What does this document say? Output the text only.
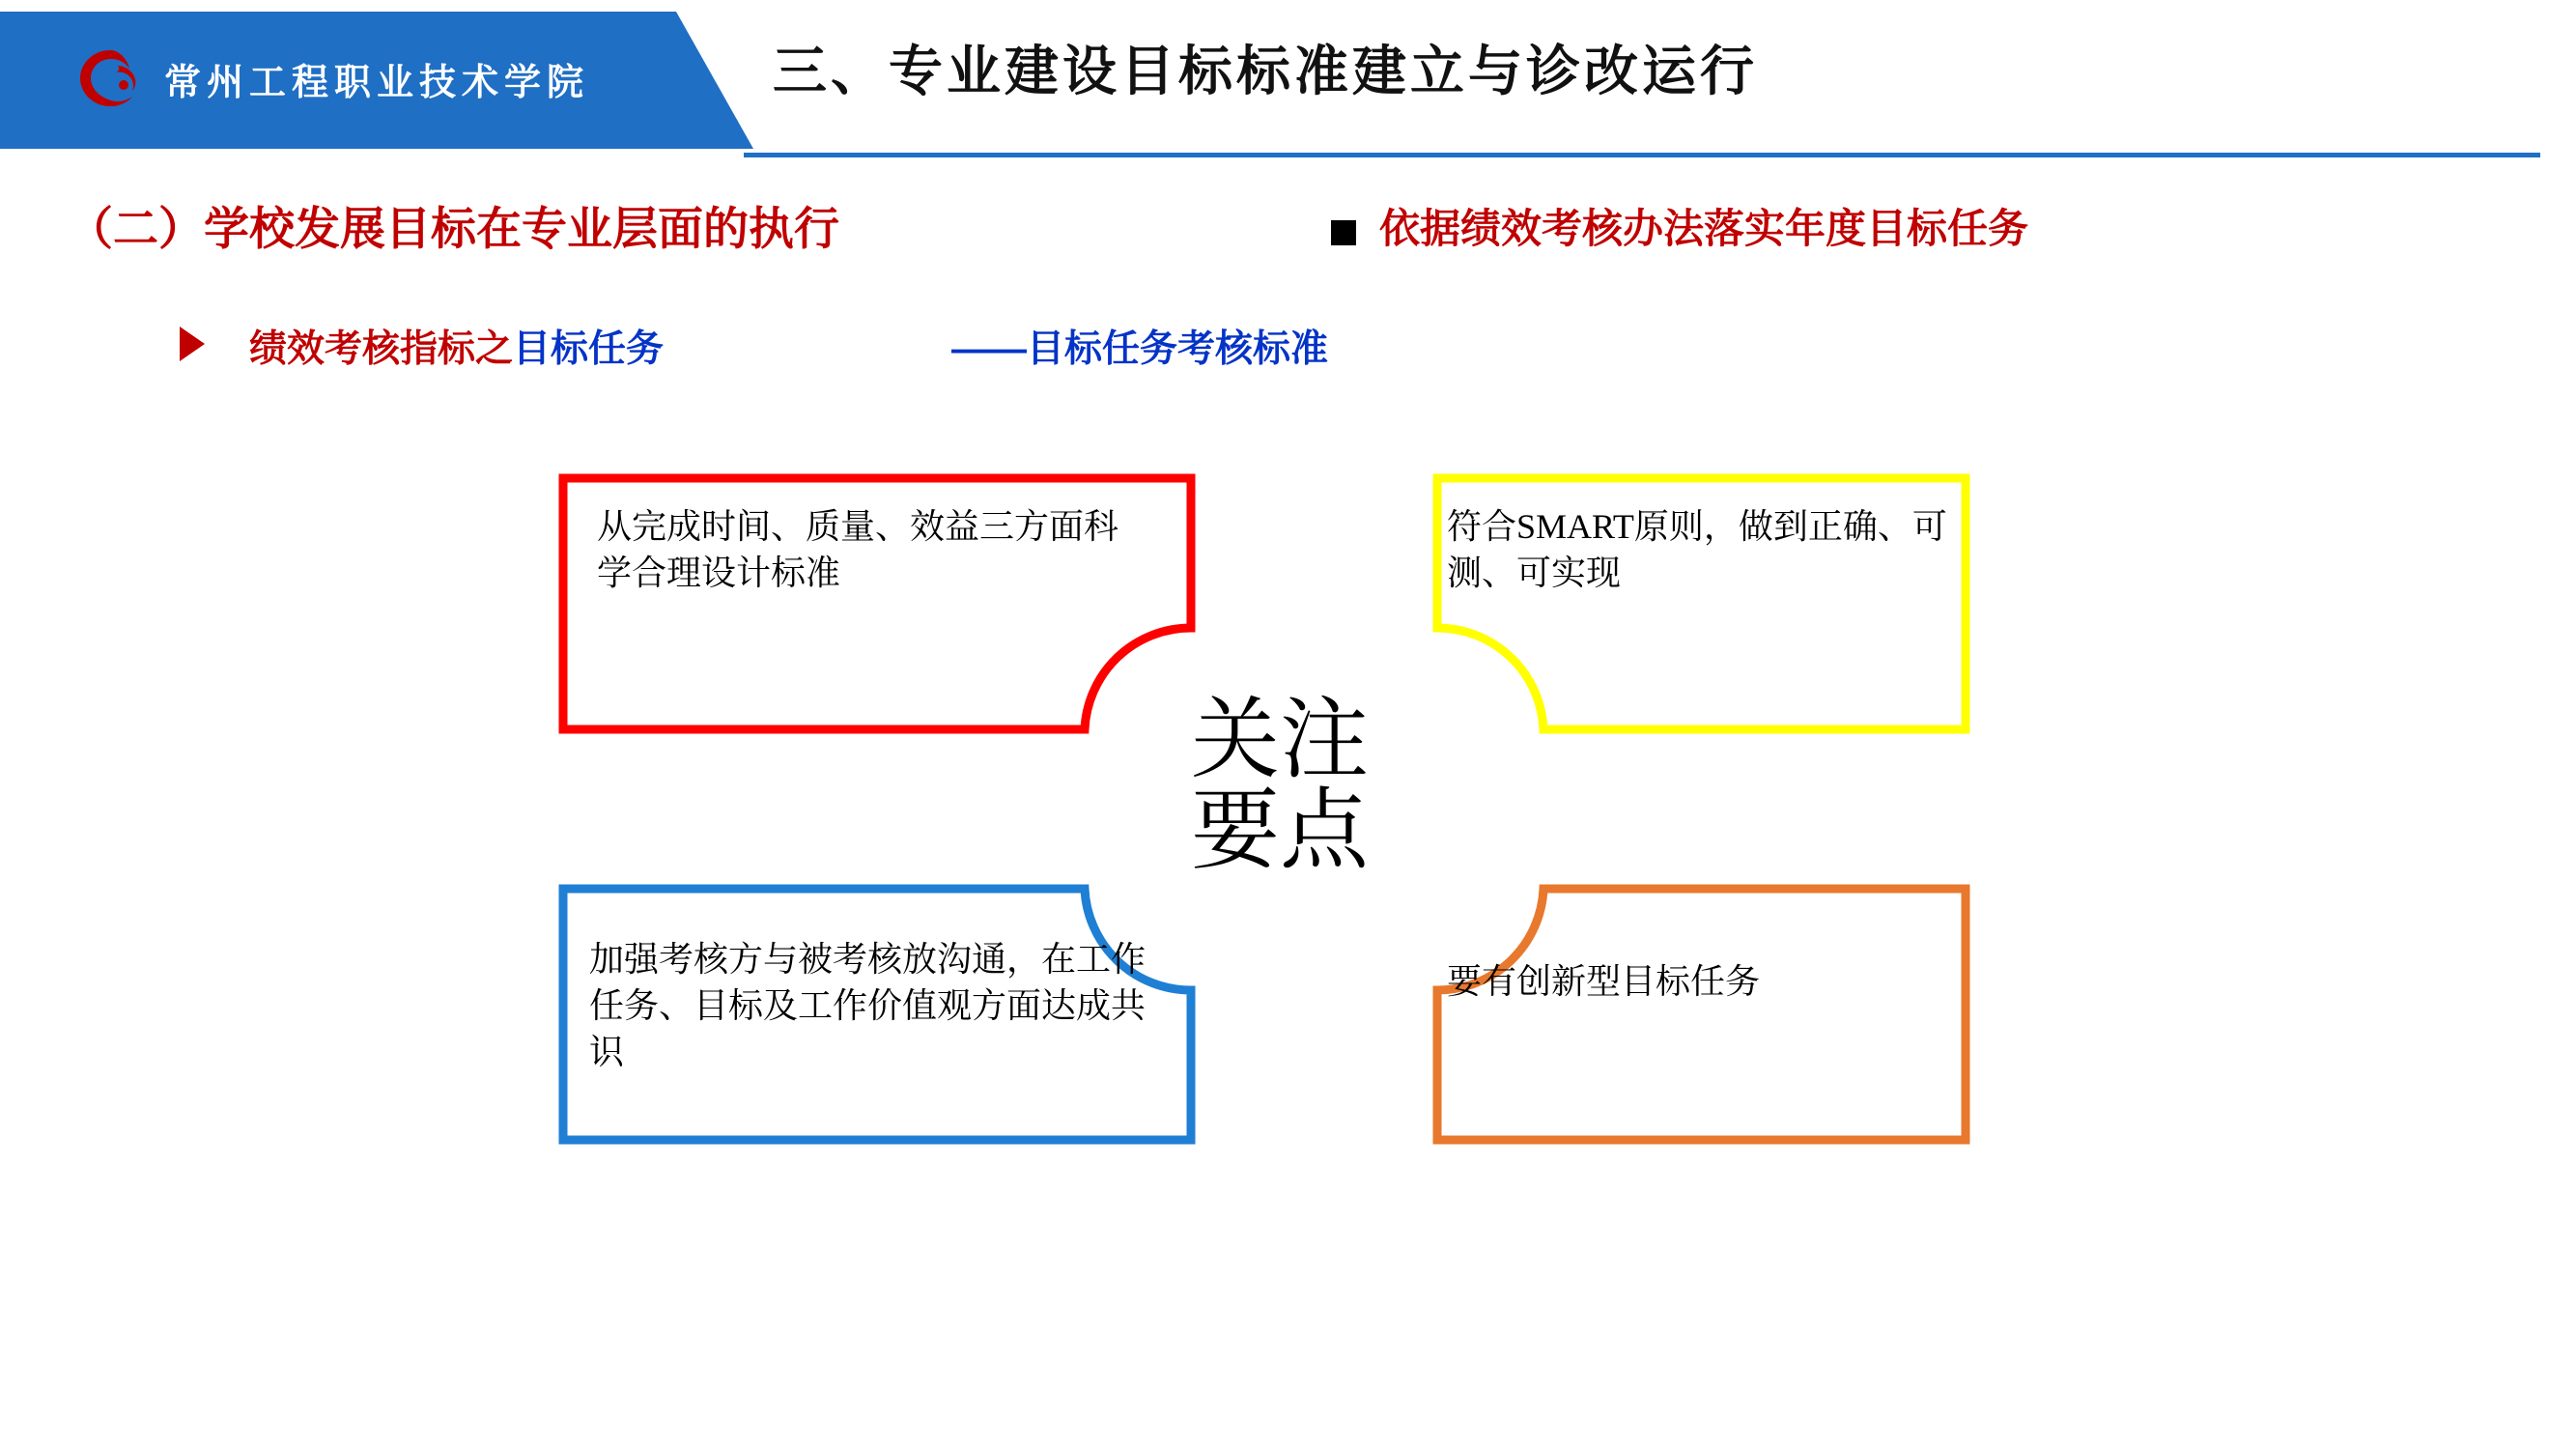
常州工程职业技术学院	三、专业建设目标标准建立与诊改运行
（二）学校发展目标在专业层面的执行	依据绩效考核办法落实年度目标任务
绩效考核指标之目标任务	——目标任务考核标准
关注
要点
从完成时间、质量、效益三方面科学合理设计标准
符合SMART原则，做到正确、可测、可实现
加强考核方与被考核放沟通，在工作任务、目标及工作价值观方面达成共识
要有创新型目标任务
